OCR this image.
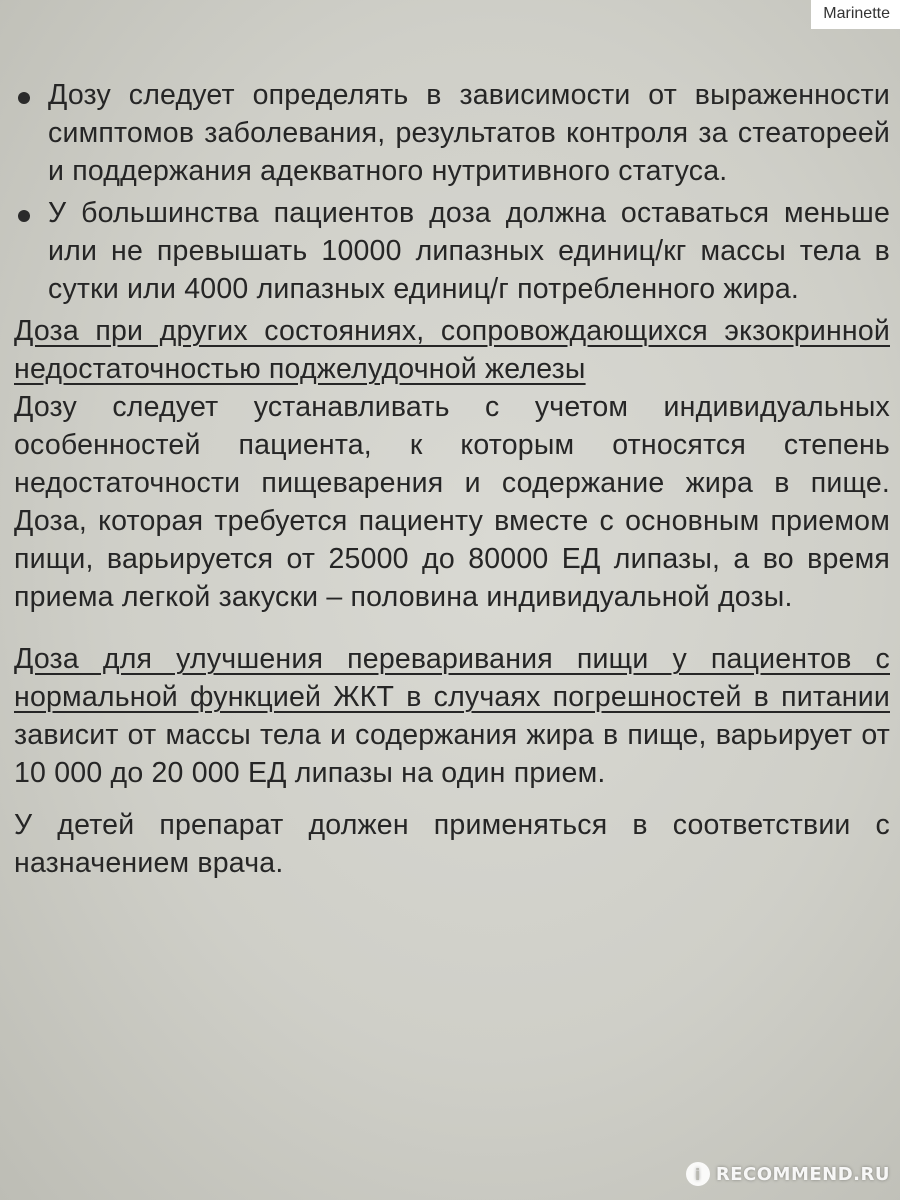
Marinette
Дозу следует определять в зависимости от выраженности симптомов заболевания, результатов контроля за стеатореей и поддержания адекватного нутритивного статуса.
У большинства пациентов доза должна оставаться меньше или не превышать 10000 липазных единиц/кг массы тела в сутки или 4000 липазных единиц/г потребленного жира.
Доза при других состояниях, сопровождающихся экзокринной недостаточностью поджелудочной железы
Дозу следует устанавливать с учетом индивидуальных особенностей пациента, к которым относятся степень недостаточности пищеварения и содержание жира в пище. Доза, которая требуется пациенту вместе с основным приемом пищи, варьируется от 25000 до 80000 ЕД липазы, а во время приема легкой закуски – половина индивидуальной дозы.
Доза для улучшения переваривания пищи у пациентов с нормальной функцией ЖКТ в случаях погрешностей в питании зависит от массы тела и содержания жира в пище, варьирует от 10 000 до 20 000 ЕД липазы на один прием.
У детей препарат должен применяться в соответствии с назначением врача.
i RECOMMEND.RU
